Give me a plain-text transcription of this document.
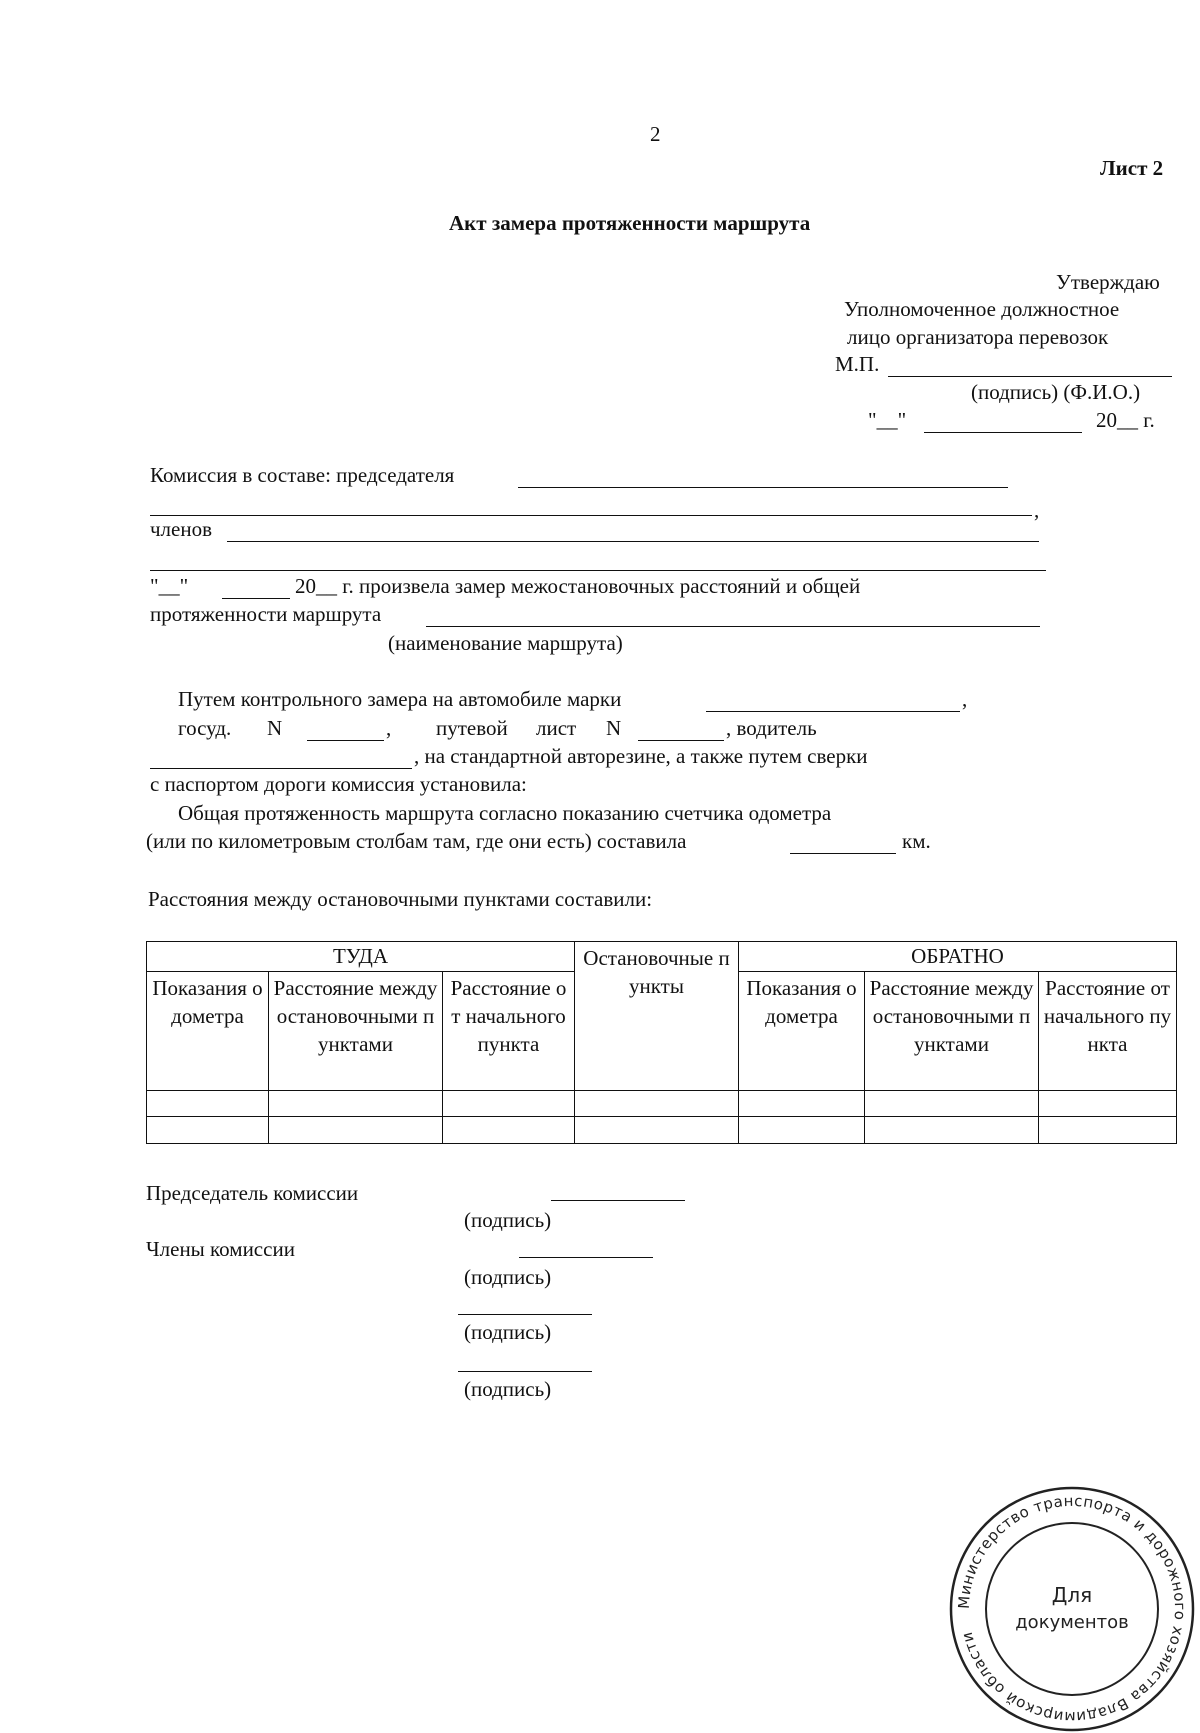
2
Лист 2
Акт замера протяженности маршрута
Утверждаю
Уполномоченное должностное
лицо организатора перевозок
М.П.
(подпись) (Ф.И.О.)
"__"	20__ г.
Комиссия в составе: председателя
,
членов
"__"	20__ г. произвела замер межостановочных расстояний и общей
протяженности маршрута
(наименование маршрута)
Путем контрольного замера на автомобиле марки	,
госуд. N	, путевой лист N	, водитель
, на стандартной авторезине, а также путем сверки
с паспортом дороги комиссия установила:
Общая протяженность маршрута согласно показанию счетчика одометра
(или по километровым столбам там, где они есть) составила	км.
Расстояния между остановочными пунктами составили:
ТУДА			Остановочные пункты	ОБРАТНО		
Показания одометра	Расстояние между остановочными пунктами	Расстояние от начального пункта		Показания одометра	Расстояние между остановочными пунктами	Расстояние от начального пункта

Председатель комиссии
(подпись)
Члены комиссии
(подпись)
(подпись)
(подпись)
Министерство транспорта и дорожного хозяйства Владимирской области
Для
документов
